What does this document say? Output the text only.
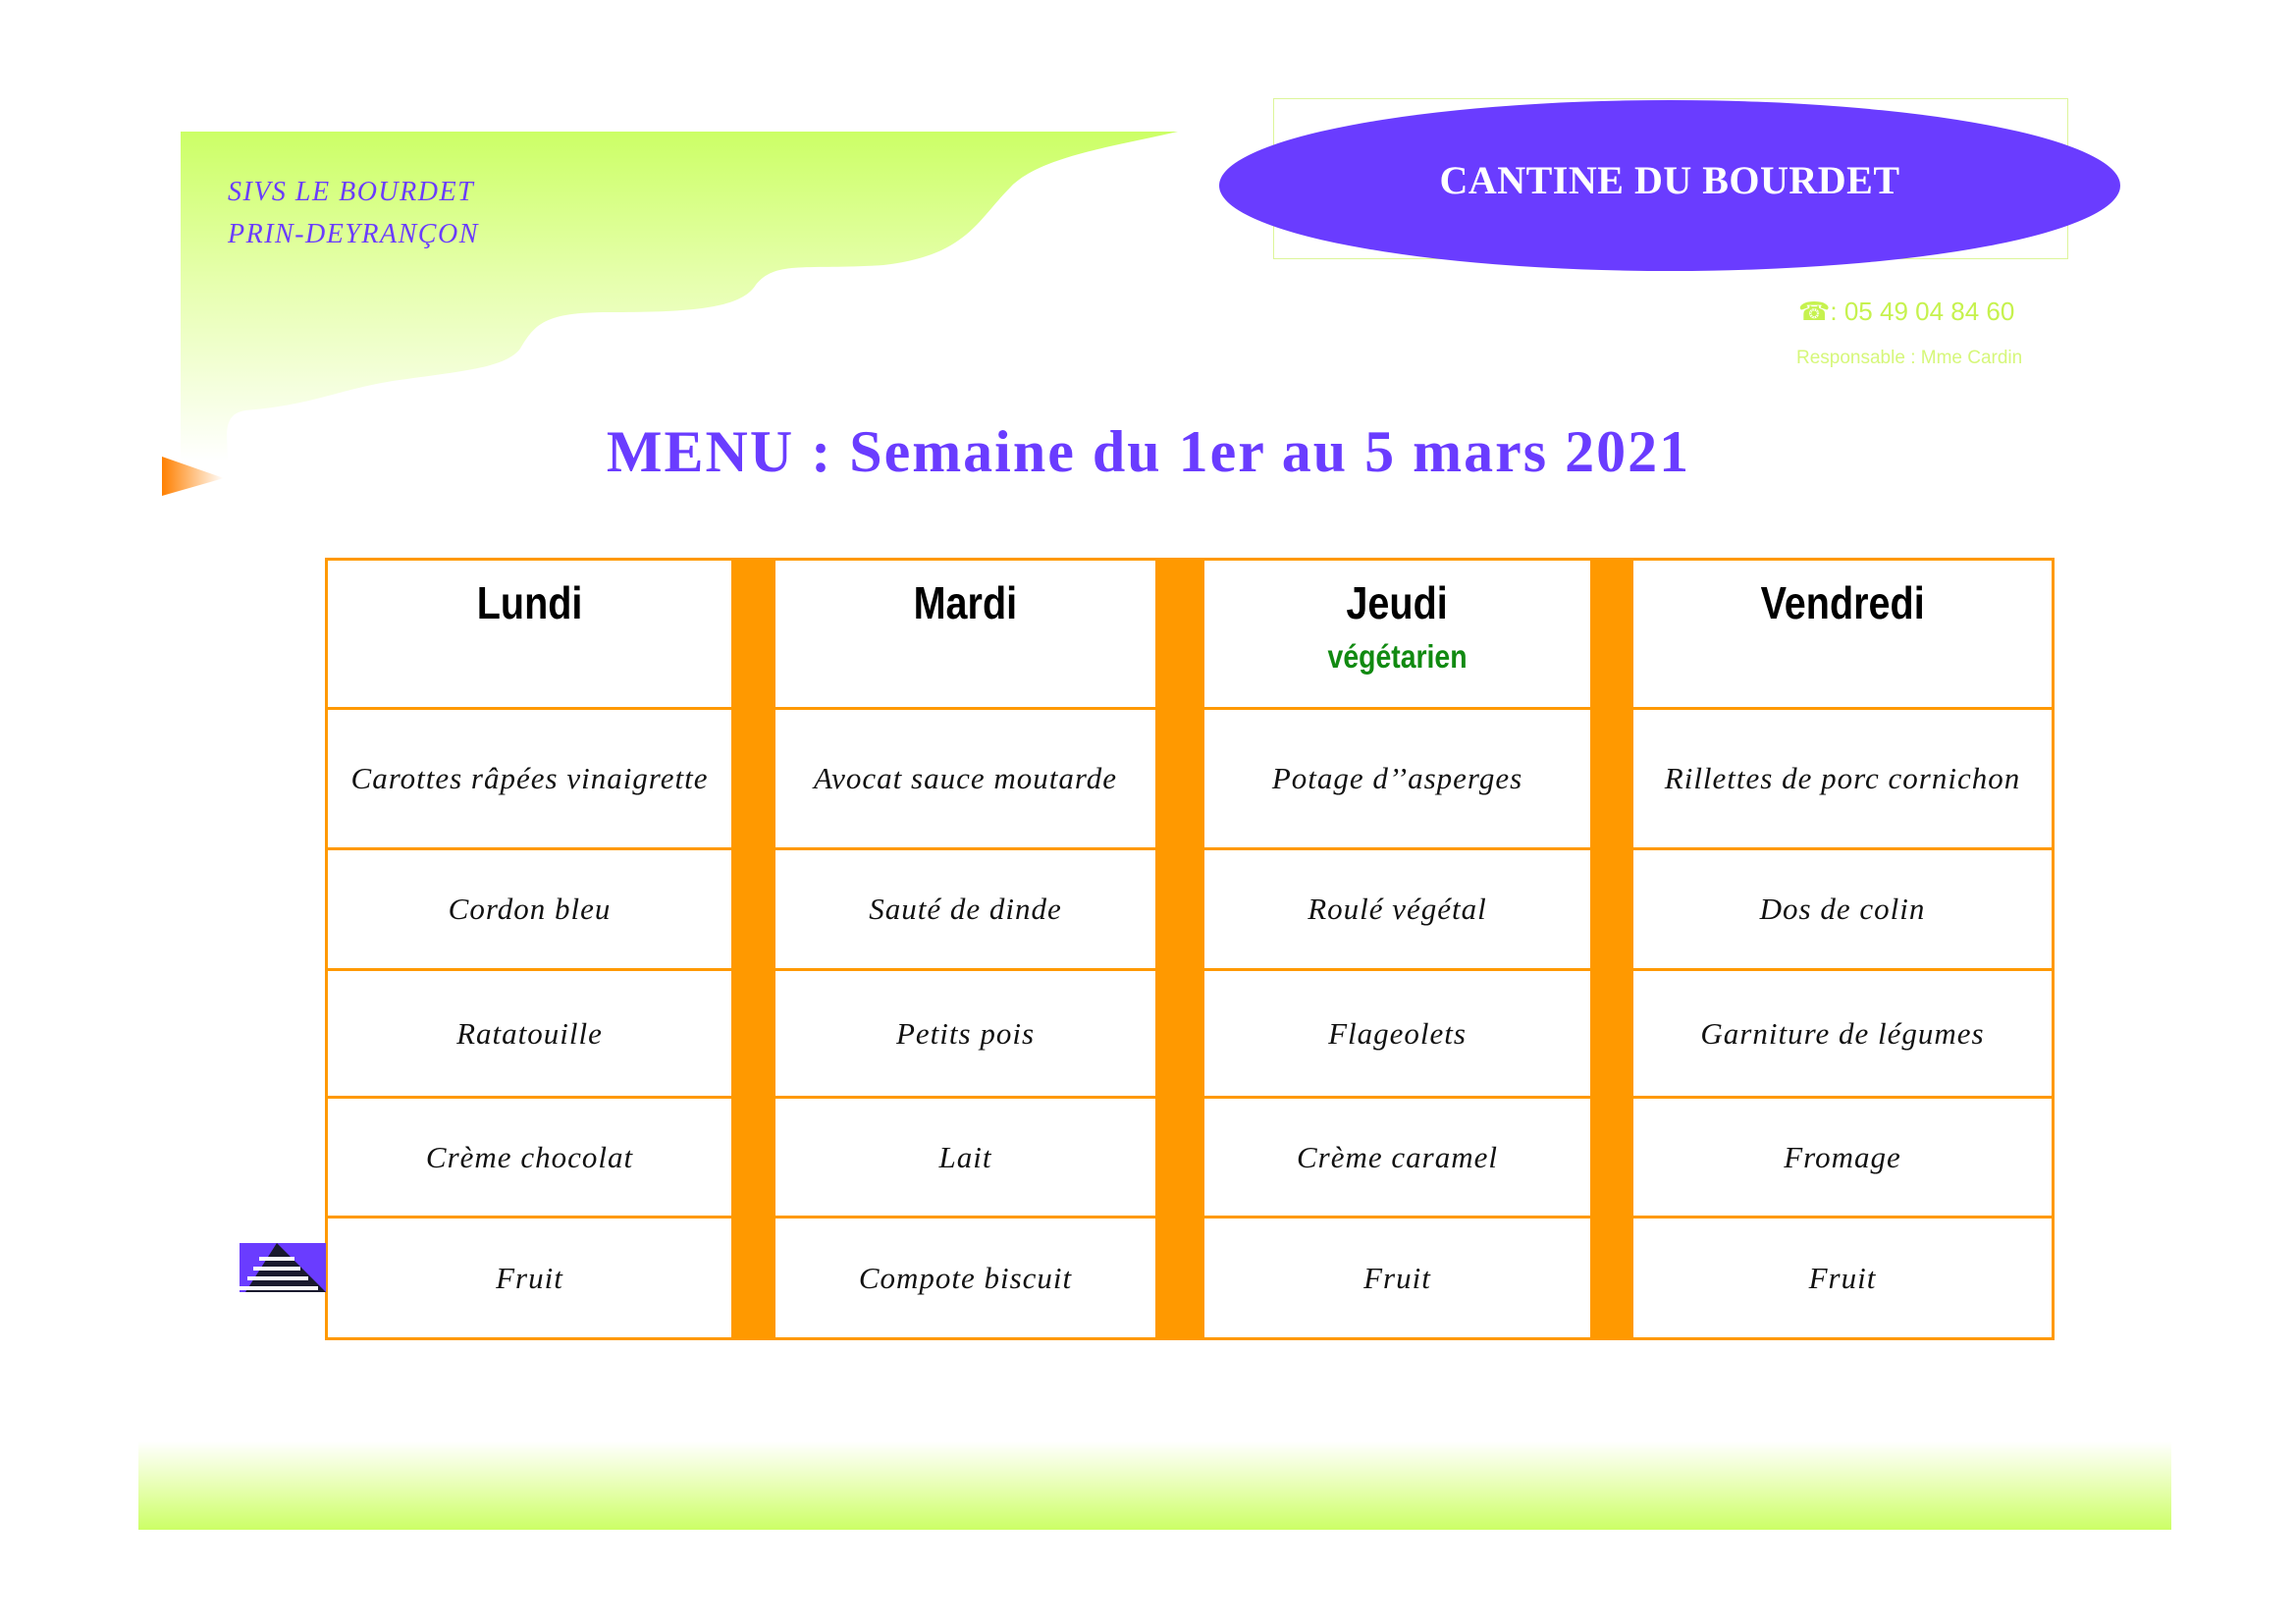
SIVS LE BOURDET
PRIN-DEYRANÇON
CANTINE DU BOURDET
☎: 05 49 04 84 60
Responsable : Mme Cardin
MENU : Semaine du 1er au 5 mars 2021
Lundi
Carottes râpées vinaigrette
Cordon bleu
Ratatouille
Crème chocolat
Fruit
Mardi
Avocat sauce moutarde
Sauté de dinde
Petits pois
Lait
Compote biscuit
Jeudi
végétarien
Potage d’’asperges
Roulé végétal
Flageolets
Crème caramel
Fruit
Vendredi
Rillettes de porc cornichon
Dos de colin
Garniture de légumes
Fromage
Fruit
